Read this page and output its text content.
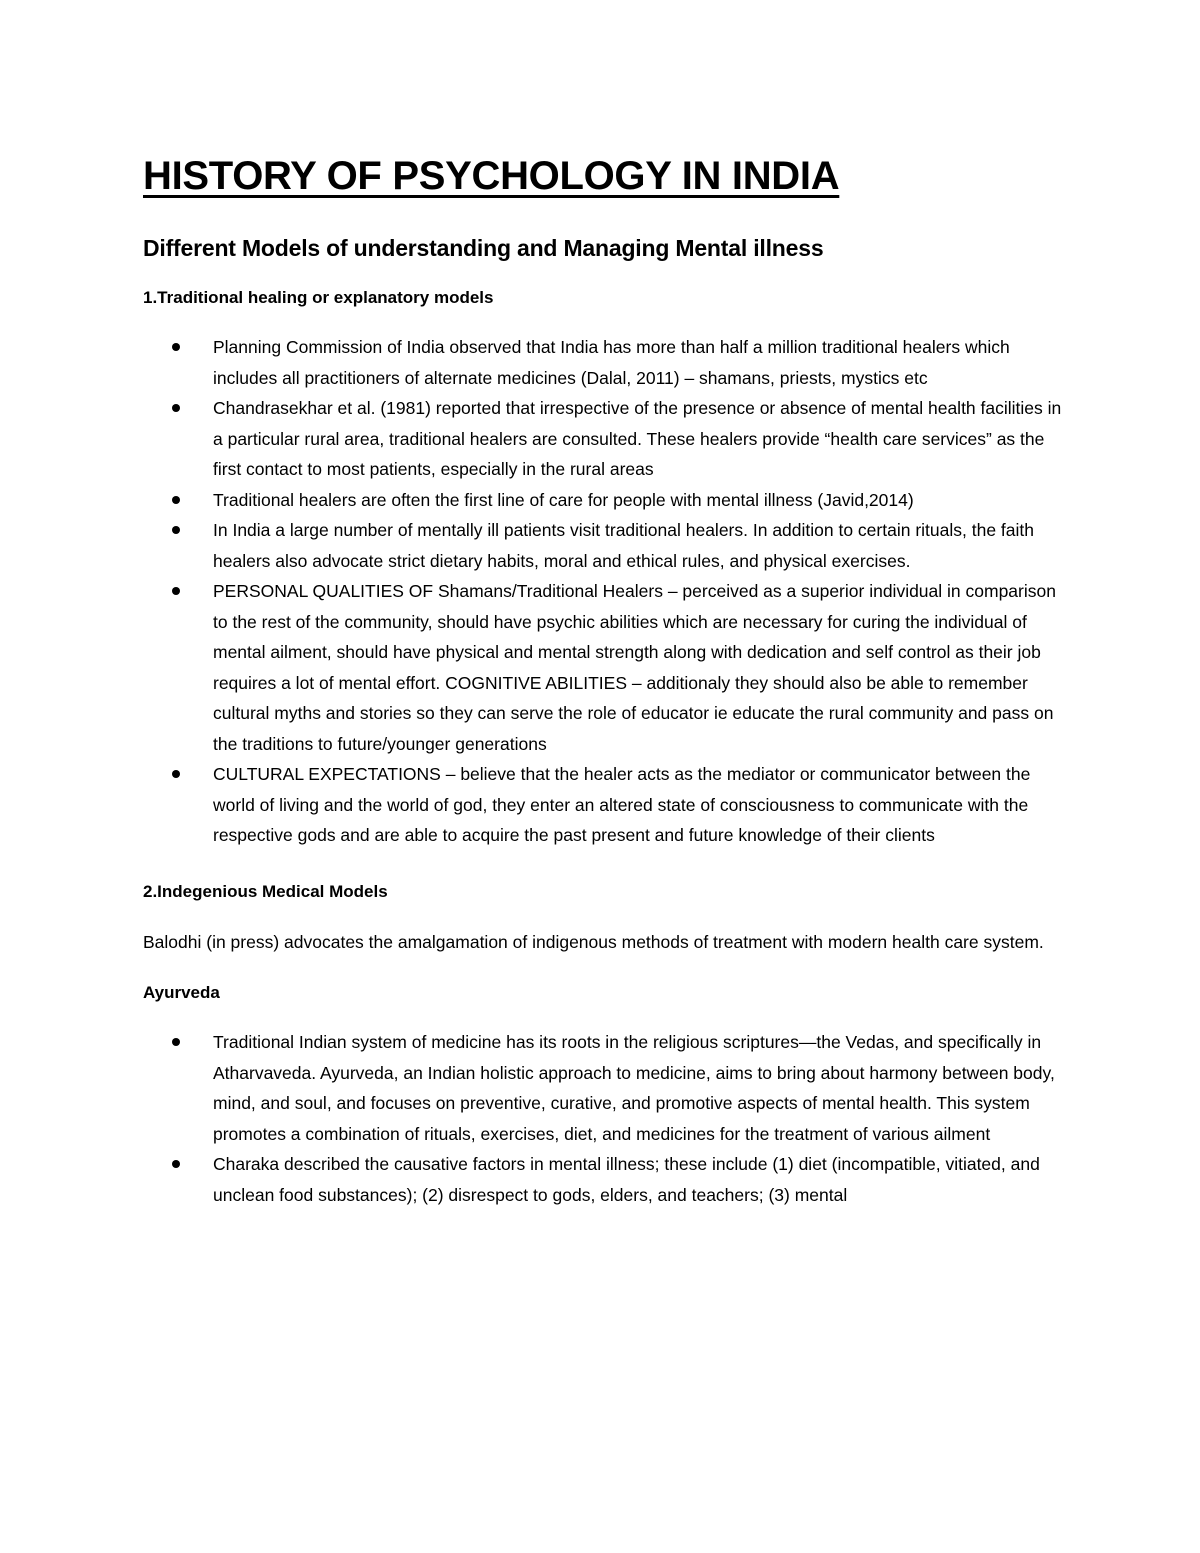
HISTORY OF PSYCHOLOGY IN INDIA
Different Models of understanding and Managing Mental illness
1.Traditional healing or explanatory models
Planning Commission of India observed that India has more than half a million traditional healers which includes all practitioners of alternate medicines (Dalal, 2011) – shamans, priests, mystics etc
Chandrasekhar et al. (1981) reported that irrespective of the presence or absence of mental health facilities in a particular rural area, traditional healers are consulted. These healers provide “health care services” as the first contact to most patients, especially in the rural areas
Traditional healers are often the first line of care for people with mental illness (Javid,2014)
In India a large number of mentally ill patients visit traditional healers. In addition to certain rituals, the faith healers also advocate strict dietary habits, moral and ethical rules, and physical exercises.
PERSONAL QUALITIES OF Shamans/Traditional Healers – perceived as a superior individual in comparison to the rest of the community, should have psychic abilities which are necessary for curing the individual of mental ailment, should have physical and mental strength along with dedication and self control as their job requires a lot of mental effort. COGNITIVE ABILITIES – additionaly they should also be able to remember cultural myths and stories so they can serve the role of educator ie educate the rural community and pass on the traditions to future/younger generations
CULTURAL EXPECTATIONS – believe that the healer acts as the mediator or communicator between the world of living and the world of god, they enter an altered state of consciousness to communicate with the respective gods and are able to acquire the past present and future knowledge of their clients
2.Indegenious Medical Models

Balodhi (in press) advocates the amalgamation of indigenous methods of treatment with modern health care system.

Ayurveda
Traditional Indian system of medicine has its roots in the religious scriptures—the Vedas, and specifically in Atharvaveda. Ayurveda, an Indian holistic approach to medicine, aims to bring about harmony between body, mind, and soul, and focuses on preventive, curative, and promotive aspects of mental health. This system promotes a combination of rituals, exercises, diet, and medicines for the treatment of various ailment
Charaka described the causative factors in mental illness; these include (1) diet (incompatible, vitiated, and unclean food substances); (2) disrespect to gods, elders, and teachers; (3) mental
